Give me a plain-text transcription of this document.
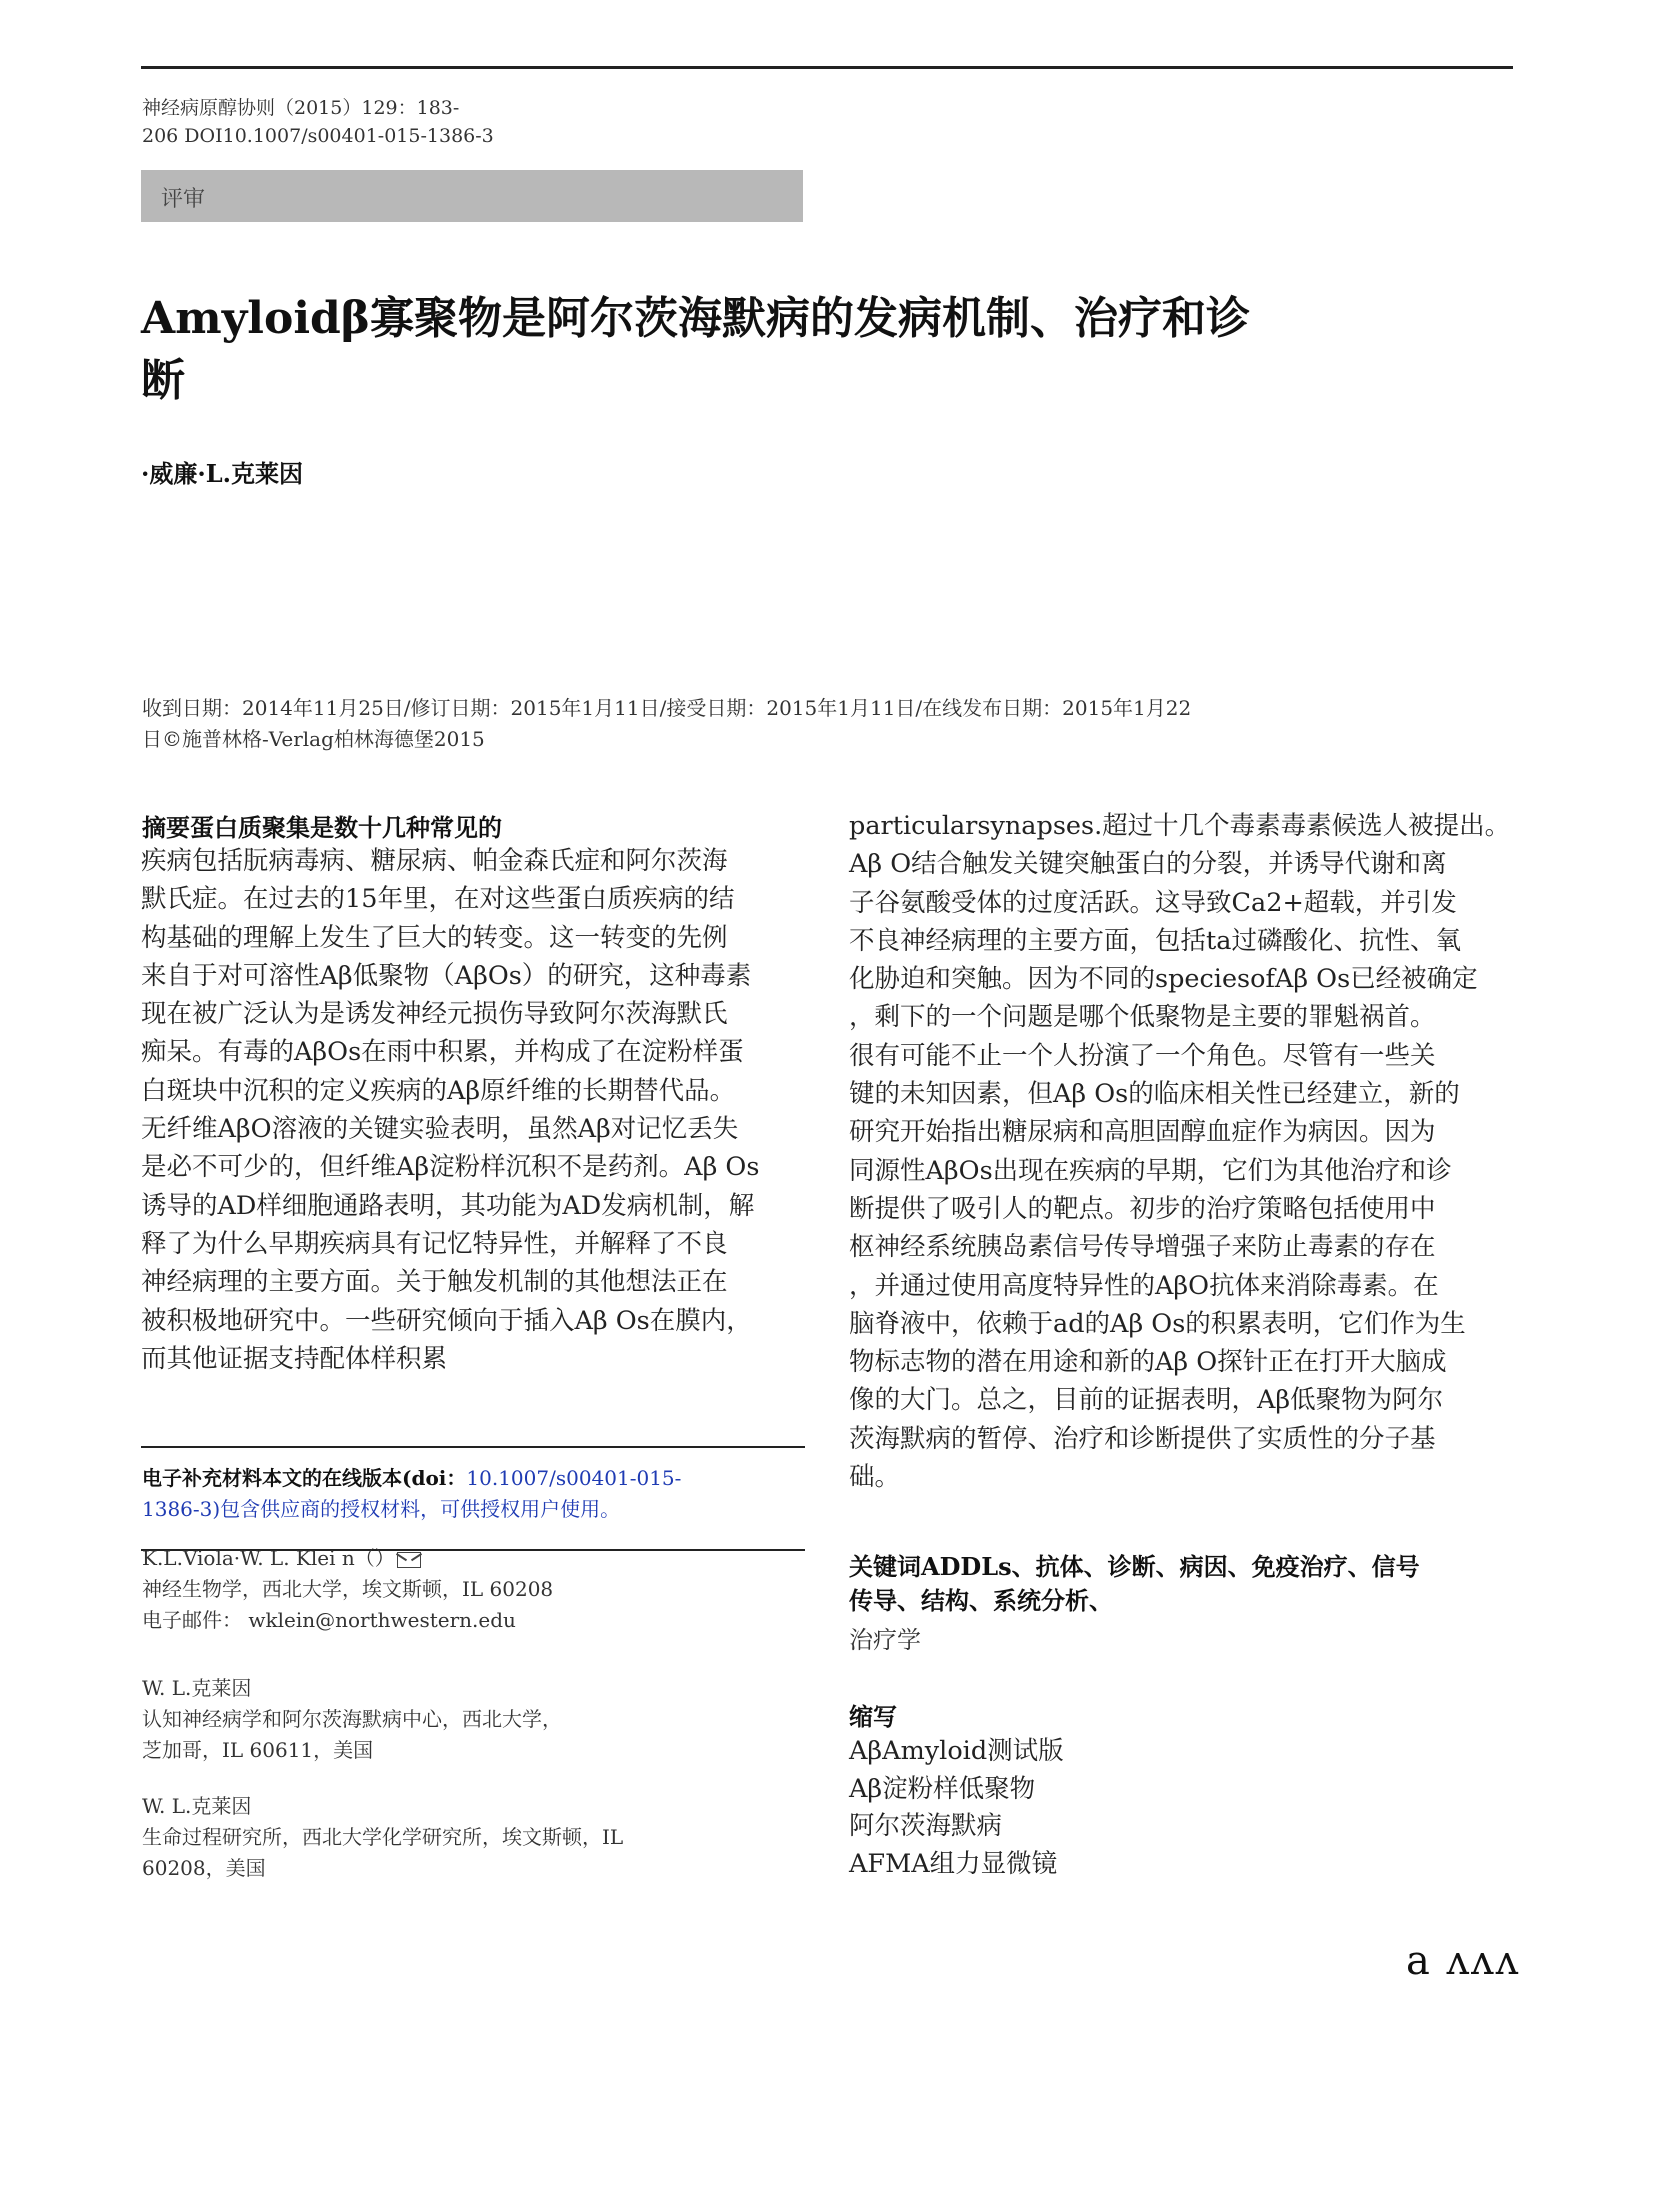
神经病原醇协则（2015）129：183-
206 DOI10.1007/s00401-015-1386-3
评审
Amyloidβ寡聚物是阿尔茨海默病的发病机制、治疗和诊
断
·威廉·L.克莱因
收到日期：2014年11月25日/修订日期：2015年1月11日/接受日期：2015年1月11日/在线发布日期：2015年1月22
日©施普林格-Verlag柏林海德堡2015
摘要蛋白质聚集是数十几种常见的
疾病包括朊病毒病、糖尿病、帕金森氏症和阿尔茨海
默氏症。在过去的15年里，在对这些蛋白质疾病的结
构基础的理解上发生了巨大的转变。这一转变的先例
来自于对可溶性Aβ低聚物（AβOs）的研究，这种毒素
现在被广泛认为是诱发神经元损伤导致阿尔茨海默氏
痴呆。有毒的AβOs在雨中积累，并构成了在淀粉样蛋
白斑块中沉积的定义疾病的Aβ原纤维的长期替代品。
无纤维AβO溶液的关键实验表明，虽然Aβ对记忆丢失
是必不可少的，但纤维Aβ淀粉样沉积不是药剂。Aβ Os
诱导的AD样细胞通路表明，其功能为AD发病机制，解
释了为什么早期疾病具有记忆特异性，并解释了不良
神经病理的主要方面。关于触发机制的其他想法正在
被积极地研究中。一些研究倾向于插入Aβ Os在膜内，
而其他证据支持配体样积累
particularsynapses.超过十几个毒素毒素候选人被提出。
Aβ O结合触发关键突触蛋白的分裂，并诱导代谢和离
子谷氨酸受体的过度活跃。这导致Ca2+超载，并引发
不良神经病理的主要方面，包括ta过磷酸化、抗性、氧
化胁迫和突触。因为不同的speciesofAβ Os已经被确定
，剩下的一个问题是哪个低聚物是主要的罪魁祸首。
很有可能不止一个人扮演了一个角色。尽管有一些关
键的未知因素，但Aβ Os的临床相关性已经建立，新的
研究开始指出糖尿病和高胆固醇血症作为病因。因为
同源性AβOs出现在疾病的早期，它们为其他治疗和诊
断提供了吸引人的靶点。初步的治疗策略包括使用中
枢神经系统胰岛素信号传导增强子来防止毒素的存在
，并通过使用高度特异性的AβO抗体来消除毒素。在
脑脊液中，依赖于ad的Aβ Os的积累表明，它们作为生
物标志物的潜在用途和新的Aβ O探针正在打开大脑成
像的大门。总之，目前的证据表明，Aβ低聚物为阿尔
茨海默病的暂停、治疗和诊断提供了实质性的分子基
础。
电子补充材料本文的在线版本(doi：10.1007/s00401-015-
1386-3)包含供应商的授权材料，可供授权用户使用。
K.L.Viola·W. L. Klei n（）
神经生物学，西北大学，埃文斯顿，IL 60208
电子邮件： wklein@northwestern.edu
W. L.克莱因
认知神经病学和阿尔茨海默病中心，西北大学，
芝加哥，IL 60611，美国
W. L.克莱因
生命过程研究所，西北大学化学研究所，埃文斯顿，IL
60208，美国
关键词ADDLs、抗体、诊断、病因、免疫治疗、信号
传导、结构、系统分析、
治疗学
缩写
AβAmyloid测试版
Aβ淀粉样低聚物
阿尔茨海默病
AFMA组力显微镜
a ʌʌʌ
